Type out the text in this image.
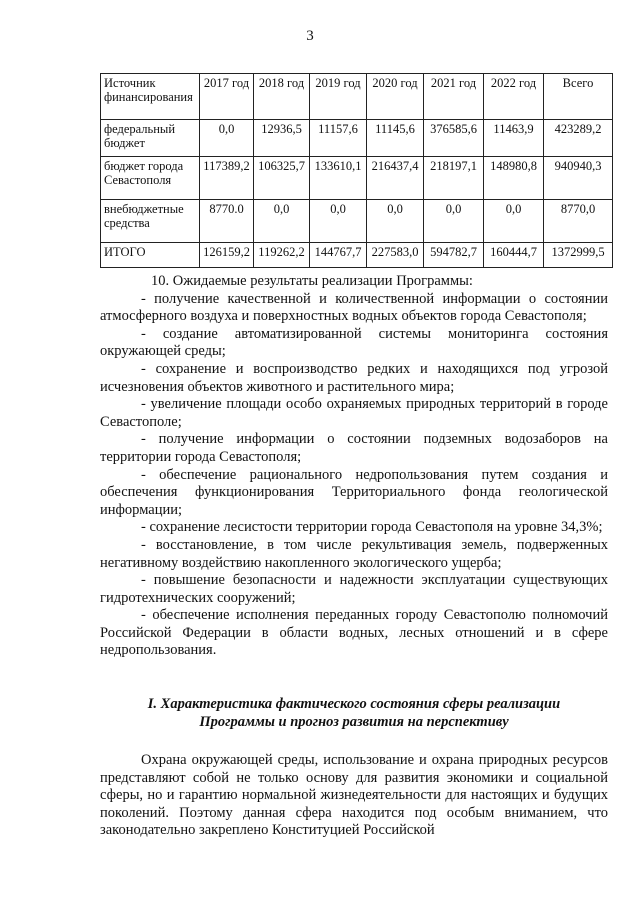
3
Источник финансирования	2017 год	2018 год	2019 год	2020 год	2021 год	2022 год	Всего
федеральный бюджет	0,0	12936,5	11157,6	11145,6	376585,6	11463,9	423289,2
бюджет города Севастополя	117389,2	106325,7	133610,1	216437,4	218197,1	148980,8	940940,3
внебюджетные средства	8770.0	0,0	0,0	0,0	0,0	0,0	8770,0
ИТОГО	126159,2	119262,2	144767,7	227583,0	594782,7	160444,7	1372999,5

10. Ожидаемые результаты реализации Программы:

- получение качественной и количественной информации о состоянии атмосферного воздуха и поверхностных водных объектов города Севастополя;

- создание автоматизированной системы мониторинга состояния окружающей среды;

- сохранение и воспроизводство редких и находящихся под угрозой исчезновения объектов животного и растительного мира;

- увеличение площади особо охраняемых природных территорий в городе Севастополе;

- получение информации о состоянии подземных водозаборов на территории города Севастополя;

- обеспечение рационального недропользования путем создания и обеспечения функционирования Территориального фонда геологической информации;

- сохранение лесистости территории города Севастополя на уровне 34,3%;

- восстановление, в том числе рекультивация земель, подверженных негативному воздействию накопленного экологического ущерба;

- повышение безопасности и надежности эксплуатации существующих гидротехнических сооружений;

- обеспечение исполнения переданных городу Севастополю полномочий Российской Федерации в области водных, лесных отношений и в сфере недропользования.

I. Характеристика фактического состояния сферы реализации
Программы и прогноз развития на перспективу

Охрана окружающей среды, использование и охрана природных ресурсов представляют собой не только основу для развития экономики и социальной сферы, но и гарантию нормальной жизнедеятельности для настоящих и будущих поколений. Поэтому данная сфера находится под особым вниманием, что законодательно закреплено Конституцией Российской
